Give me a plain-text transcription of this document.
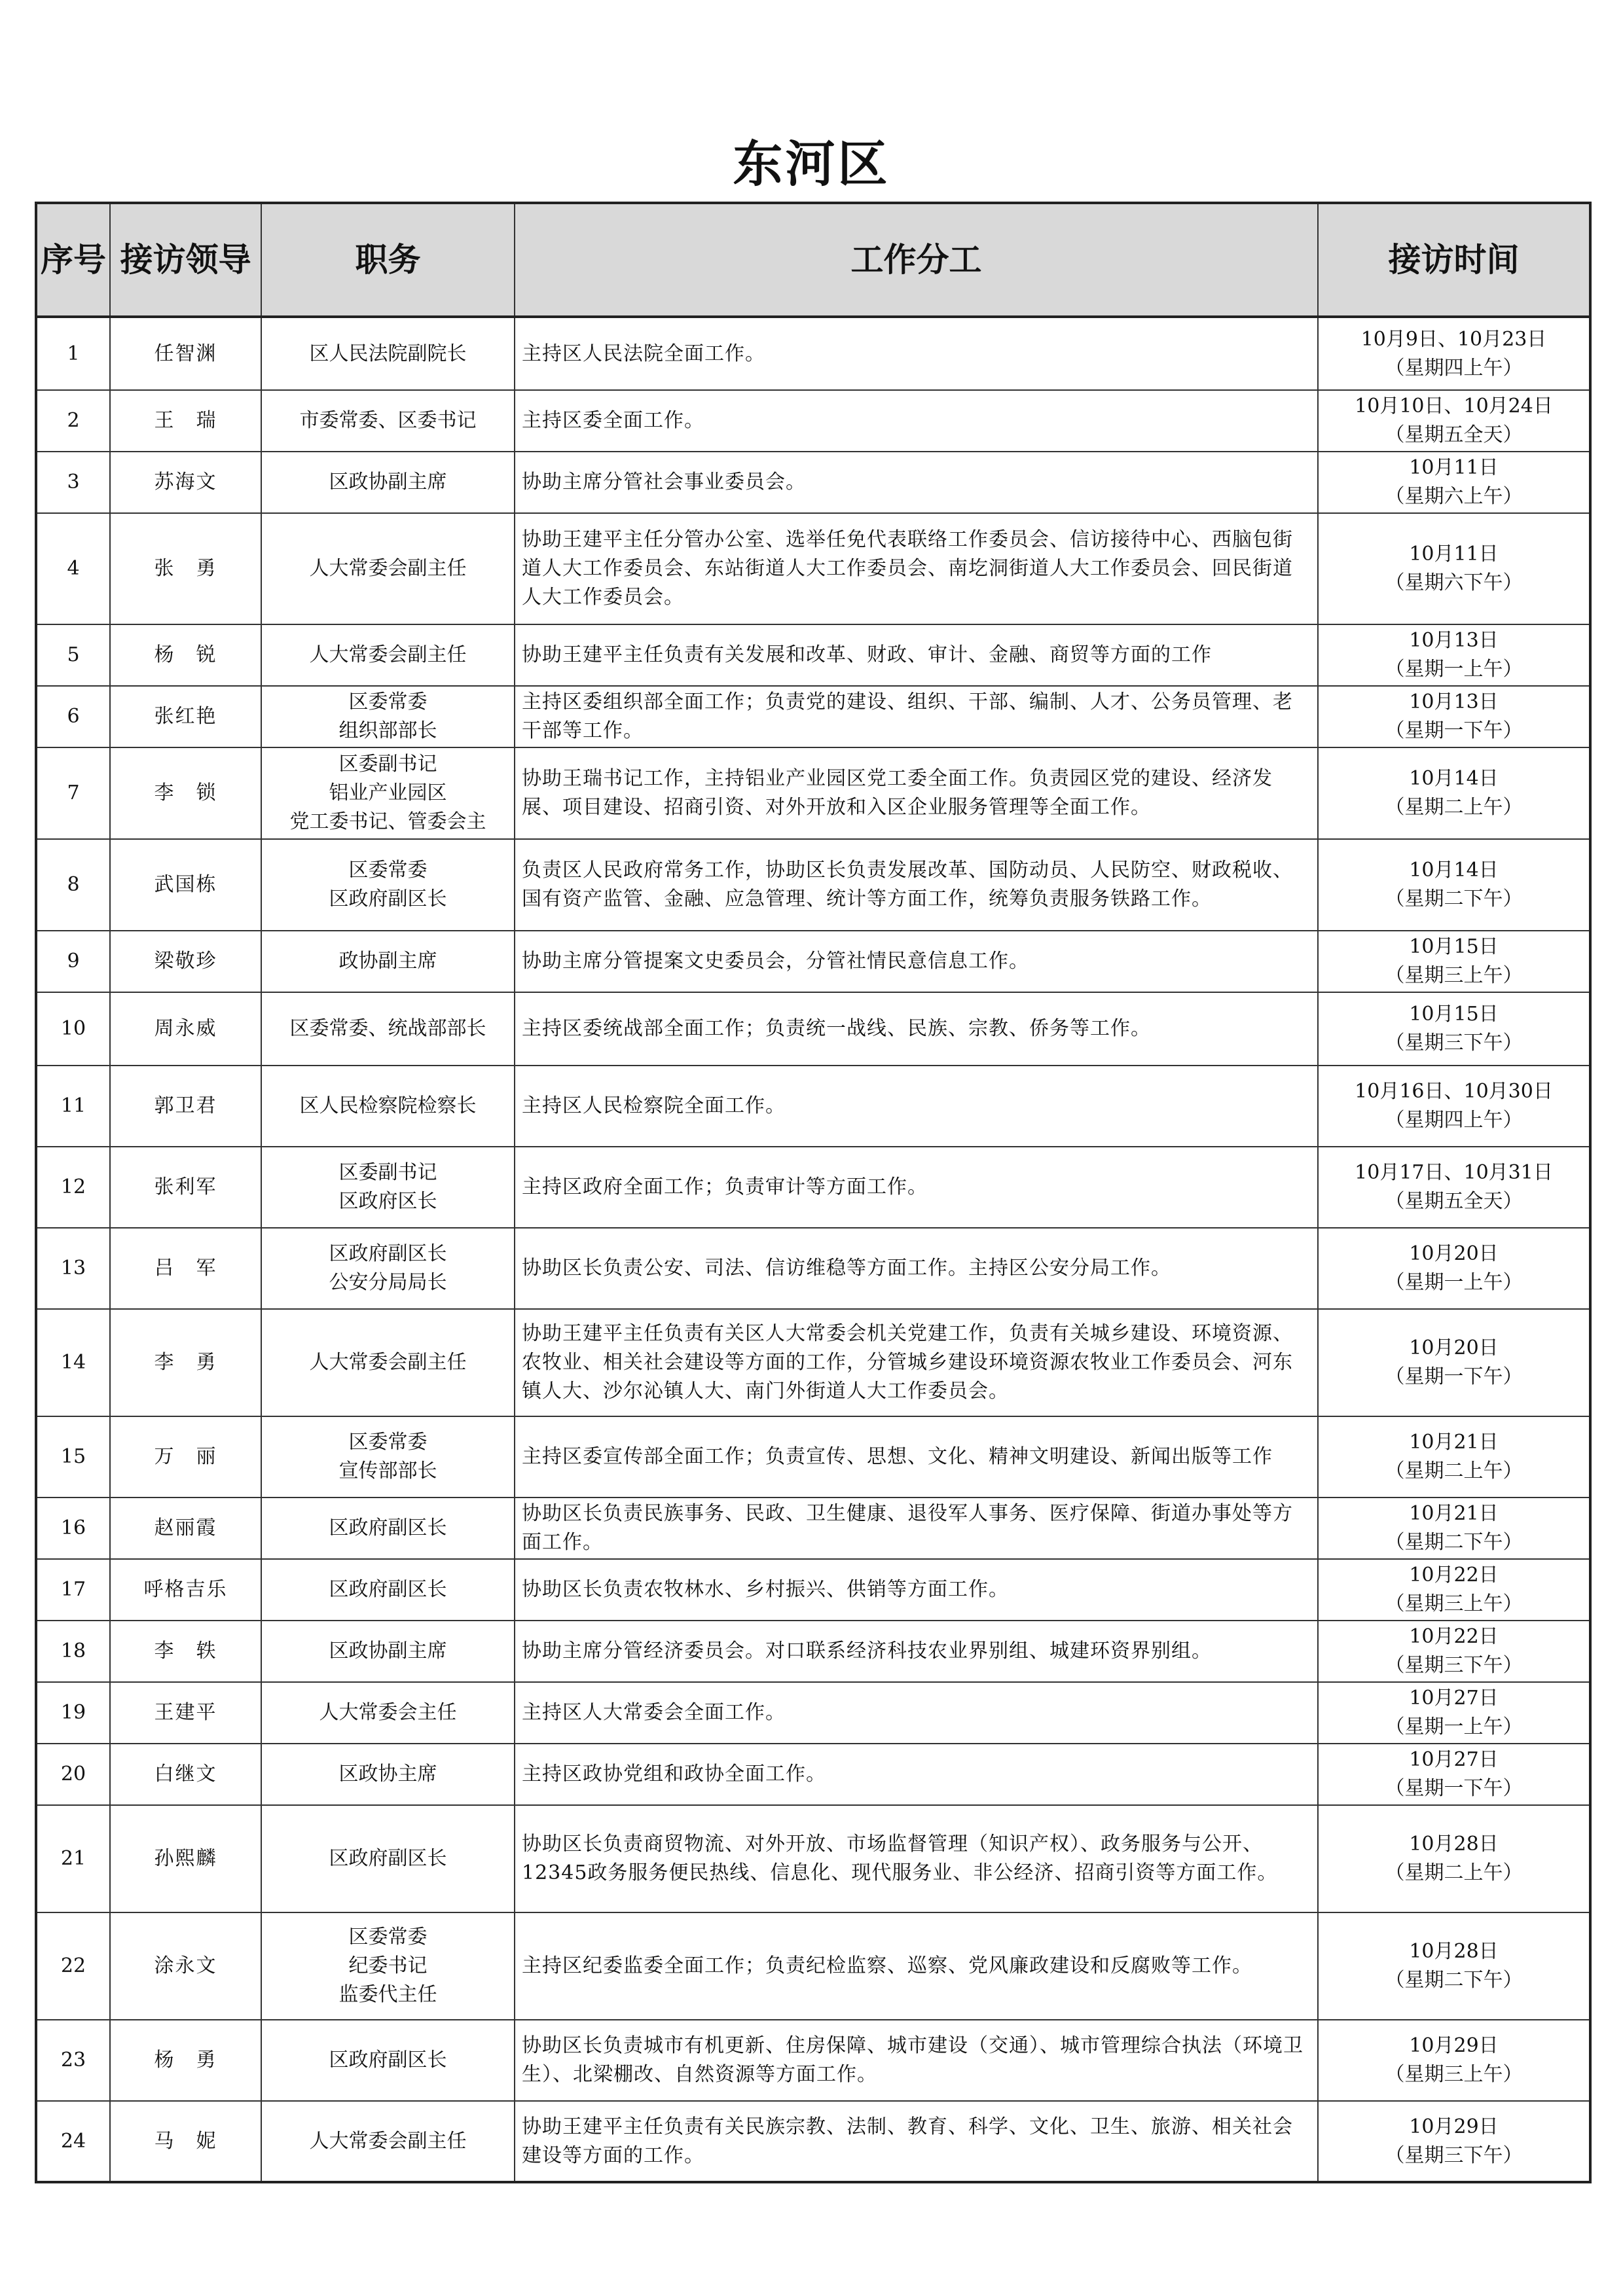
东河区
序号	接访领导	职务	工作分工	接访时间
1	任智渊	区人民法院副院长	主持区人民法院全面工作。	10月9日、10月23日
（星期四上午）
2	王　瑞	市委常委、区委书记	主持区委全面工作。	10月10日、10月24日
（星期五全天）
3	苏海文	区政协副主席	协助主席分管社会事业委员会。	10月11日
（星期六上午）
4	张　勇	人大常委会副主任	协助王建平主任分管办公室、选举任免代表联络工作委员会、信访接待中心、西脑包街道人大工作委员会、东站街道人大工作委员会、南圪洞街道人大工作委员会、回民街道人大工作委员会。	10月11日
（星期六下午）
5	杨　锐	人大常委会副主任	协助王建平主任负责有关发展和改革、财政、审计、金融、商贸等方面的工作	10月13日
（星期一上午）
6	张红艳	区委常委
组织部部长	主持区委组织部全面工作；负责党的建设、组织、干部、编制、人才、公务员管理、老干部等工作。	10月13日
（星期一下午）
7	李　锁	区委副书记
铝业产业园区
党工委书记、管委会主	协助王瑞书记工作，主持铝业产业园区党工委全面工作。负责园区党的建设、经济发展、项目建设、招商引资、对外开放和入区企业服务管理等全面工作。	10月14日
（星期二上午）
8	武国栋	区委常委
区政府副区长	负责区人民政府常务工作，协助区长负责发展改革、国防动员、人民防空、财政税收、国有资产监管、金融、应急管理、统计等方面工作，统筹负责服务铁路工作。	10月14日
（星期二下午）
9	梁敬珍	政协副主席	协助主席分管提案文史委员会，分管社情民意信息工作。	10月15日
（星期三上午）
10	周永威	区委常委、统战部部长	主持区委统战部全面工作；负责统一战线、民族、宗教、侨务等工作。	10月15日
（星期三下午）
11	郭卫君	区人民检察院检察长	主持区人民检察院全面工作。	10月16日、10月30日
（星期四上午）
12	张利军	区委副书记
区政府区长	主持区政府全面工作；负责审计等方面工作。	10月17日、10月31日
（星期五全天）
13	吕　军	区政府副区长
公安分局局长	协助区长负责公安、司法、信访维稳等方面工作。主持区公安分局工作。	10月20日
（星期一上午）
14	李　勇	人大常委会副主任	协助王建平主任负责有关区人大常委会机关党建工作，负责有关城乡建设、环境资源、农牧业、相关社会建设等方面的工作，分管城乡建设环境资源农牧业工作委员会、河东镇人大、沙尔沁镇人大、南门外街道人大工作委员会。	10月20日
（星期一下午）
15	万　丽	区委常委
宣传部部长	主持区委宣传部全面工作；负责宣传、思想、文化、精神文明建设、新闻出版等工作	10月21日
（星期二上午）
16	赵丽霞	区政府副区长	协助区长负责民族事务、民政、卫生健康、退役军人事务、医疗保障、街道办事处等方面工作。	10月21日
（星期二下午）
17	呼格吉乐	区政府副区长	协助区长负责农牧林水、乡村振兴、供销等方面工作。	10月22日
（星期三上午）
18	李　轶	区政协副主席	协助主席分管经济委员会。对口联系经济科技农业界别组、城建环资界别组。	10月22日
（星期三下午）
19	王建平	人大常委会主任	主持区人大常委会全面工作。	10月27日
（星期一上午）
20	白继文	区政协主席	主持区政协党组和政协全面工作。	10月27日
（星期一下午）
21	孙熙麟	区政府副区长	协助区长负责商贸物流、对外开放、市场监督管理（知识产权）、政务服务与公开、12345政务服务便民热线、信息化、现代服务业、非公经济、招商引资等方面工作。	10月28日
（星期二上午）
22	涂永文	区委常委
纪委书记
监委代主任	主持区纪委监委全面工作；负责纪检监察、巡察、党风廉政建设和反腐败等工作。	10月28日
（星期二下午）
23	杨　勇	区政府副区长	协助区长负责城市有机更新、住房保障、城市建设（交通）、城市管理综合执法（环境卫生）、北梁棚改、自然资源等方面工作。	10月29日
（星期三上午）
24	马　妮	人大常委会副主任	协助王建平主任负责有关民族宗教、法制、教育、科学、文化、卫生、旅游、相关社会建设等方面的工作。	10月29日
（星期三下午）
